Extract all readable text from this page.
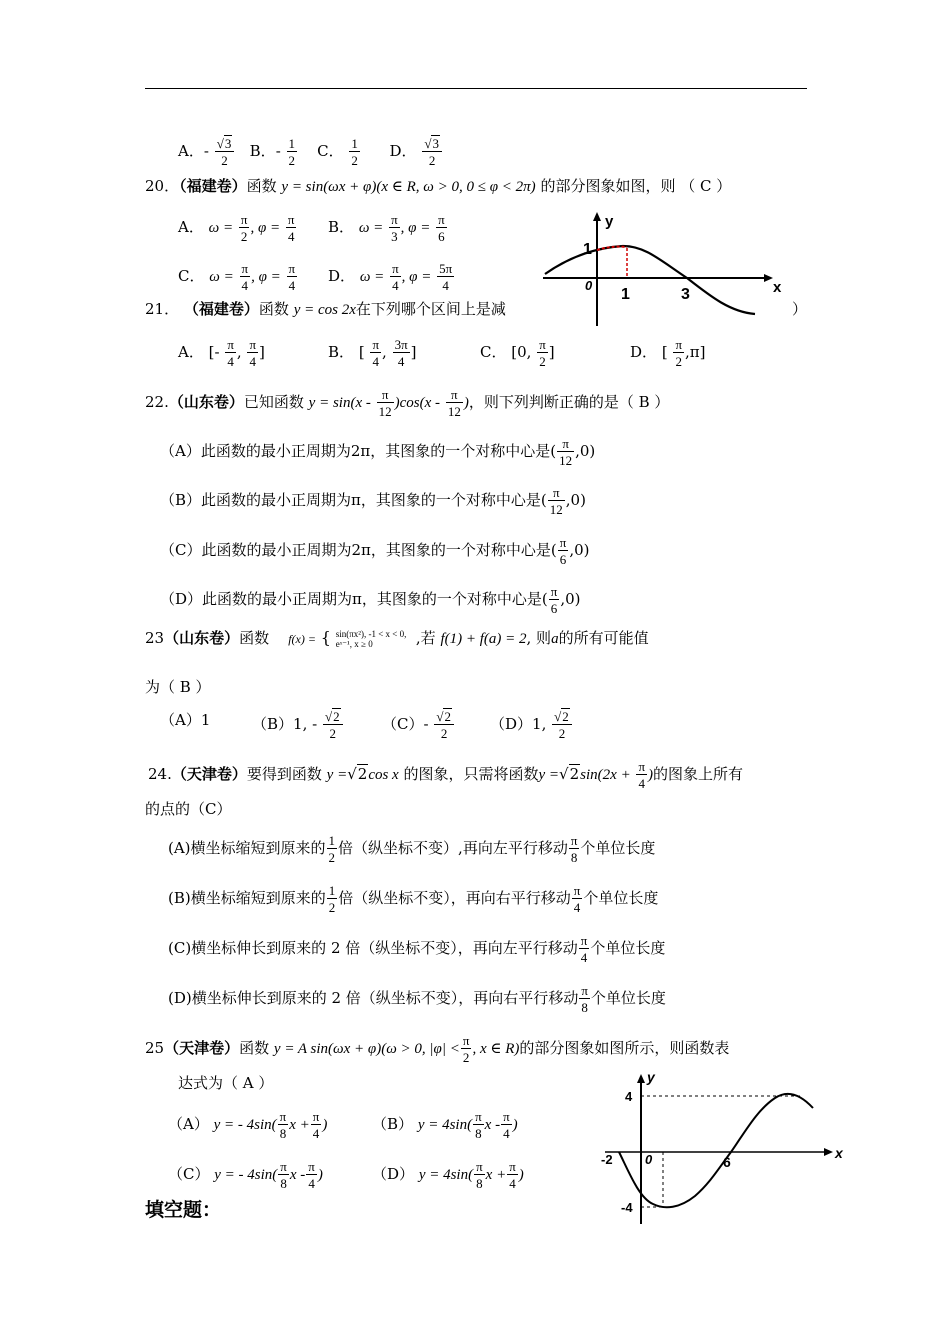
A．- $\frac{√3}{2}$ B．- $\frac{1}{2}$ C． $\frac{1}{2}$ D． $\frac{√3}{2}$
20．（福建卷）函数 y = sin(ωx + φ)(x ∈ R, ω > 0, 0 ≤ φ < 2π) 的部分图象如图，则 （ C ）
A． $\omega = \frac{\pi}{2}$ , $\varphi = \frac{\pi}{4}$ B． $\omega = \frac{\pi}{3}$ , $\varphi = \frac{\pi}{6}$
C． $\omega = \frac{\pi}{4}$ , $\varphi = \frac{\pi}{4}$ D． $\omega = \frac{\pi}{4}$ , $\varphi = \frac{5\pi}{4}$
y
x
0
1
1	3
21． （福建卷）函数 y = cos 2x在下列哪个区间上是减	）
A． [- $\frac{\pi}{4}$ , $\frac{\pi}{4}$ ]	B． [ $\frac{\pi}{4}$ , $\frac{3\pi}{4}$ ]	C． [0, $\frac{\pi}{2}$ ]	D． [ $\frac{\pi}{2} ,\pi$]
22.（山东卷）已知函数 $y = \sin(x - \frac{\pi}{12} )\cos(x - \frac{\pi}{12}$ )，则下列判断正确的是（ B ）
（A）此函数的最小正周期为2π，其图象的一个对称中心是( $\frac{\pi}{12} ,0$)
（B）此函数的最小正周期为π，其图象的一个对称中心是( $\frac{\pi}{12} ,0$)
（C）此函数的最小正周期为2π，其图象的一个对称中心是( $\frac{\pi}{6} ,0$)
（D）此函数的最小正周期为π，其图象的一个对称中心是( $\frac{\pi}{6} ,0$)
23（山东卷）函数 f(x) = { sin(πx²), -1 < x < 0,
eˣ⁻¹, x ≥ 0	,若 f(1) + f(a) = 2, 则a的所有可能值
为（ B ）
（A）1	（B）1, - $\frac{√2}{2}$	$(C)- \frac{√2}{2} (D)1$, $\frac{√2}{2}$
24.（天津卷）要得到函数 y =√2cos x 的图象，只需将函数$y =√2\sin(2x + \frac{\pi}{4}$ )的图象上所有
的点的（C）
(A)横坐标缩短到原来的 $\frac{1}{2}$ 倍（纵坐标不变）,再向左平行移动 $\frac{\pi}{8}$ 个单位长度
(B)横坐标缩短到原来的 $\frac{1}{2}$ 倍（纵坐标不变），再向右平行移动 $\frac{\pi}{4}$ 个单位长度
(C)横坐标伸长到原来的 2 倍（纵坐标不变），再向左平行移动 $\frac{\pi}{4}$ 个单位长度
(D)横坐标伸长到原来的 2 倍（纵坐标不变），再向右平行移动 $\frac{\pi}{8}$ 个单位长度
25（天津卷）函数 y = A sin(ωx + φ)(ω > 0, $|\varphi| < \frac{\pi}{2}$ , x ∈ R)的部分图象如图所示，则函数表
达式为（ A ）
（A） y = - $4\sin( \frac{\pi}{8}$ $x + \frac{\pi}{4}$ )	（B） $y = 4\sin( \frac{\pi}{8}$ x - $\frac{\pi}{4}$ )
（C） y = - $4\sin( \frac{\pi}{8}$ x - $\frac{\pi}{4}$ )	（D） $y = 4\sin( \frac{\pi}{8}$ $x + \frac{\pi}{4}$ )
y
x
4
-4
-2 0	6
填空题：
